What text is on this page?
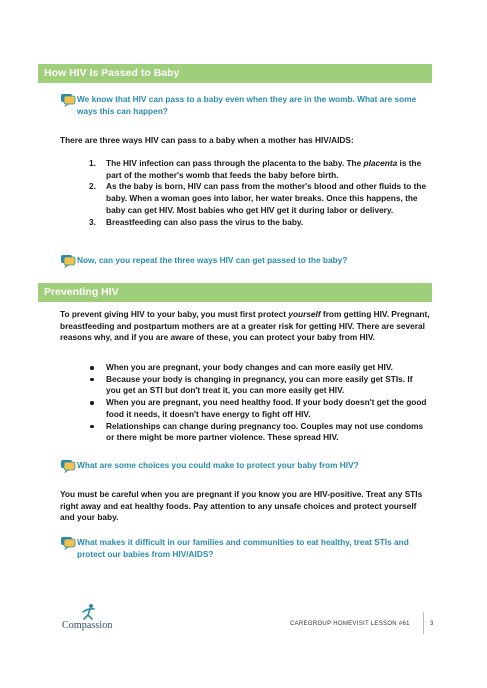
How HIV Is Passed to Baby
We know that HIV can pass to a baby even when they are in the womb. What are some ways this can happen?
There are three ways HIV can pass to a baby when a mother has HIV/AIDS:
1. The HIV infection can pass through the placenta to the baby. The placenta is the part of the mother's womb that feeds the baby before birth.
2. As the baby is born, HIV can pass from the mother's blood and other fluids to the baby. When a woman goes into labor, her water breaks. Once this happens, the baby can get HIV. Most babies who get HIV get it during labor or delivery.
3. Breastfeeding can also pass the virus to the baby.
Now, can you repeat the three ways HIV can get passed to the baby?
Preventing HIV
To prevent giving HIV to your baby, you must first protect yourself from getting HIV. Pregnant, breastfeeding and postpartum mothers are at a greater risk for getting HIV. There are several reasons why, and if you are aware of these, you can protect your baby from HIV.
When you are pregnant, your body changes and can more easily get HIV.
Because your body is changing in pregnancy, you can more easily get STIs. If you get an STI but don't treat it, you can more easily get HIV.
When you are pregnant, you need healthy food. If your body doesn't get the good food it needs, it doesn't have energy to fight off HIV.
Relationships can change during pregnancy too. Couples may not use condoms or there might be more partner violence. These spread HIV.
What are some choices you could make to protect your baby from HIV?
You must be careful when you are pregnant if you know you are HIV-positive. Treat any STIs right away and eat healthy foods. Pay attention to any unsafe choices and protect yourself and your baby.
What makes it difficult in our families and communities to eat healthy, treat STIs and protect our babies from HIV/AIDS?
Compassion	CAREGROUP HOMEVISIT LESSON #61	3
